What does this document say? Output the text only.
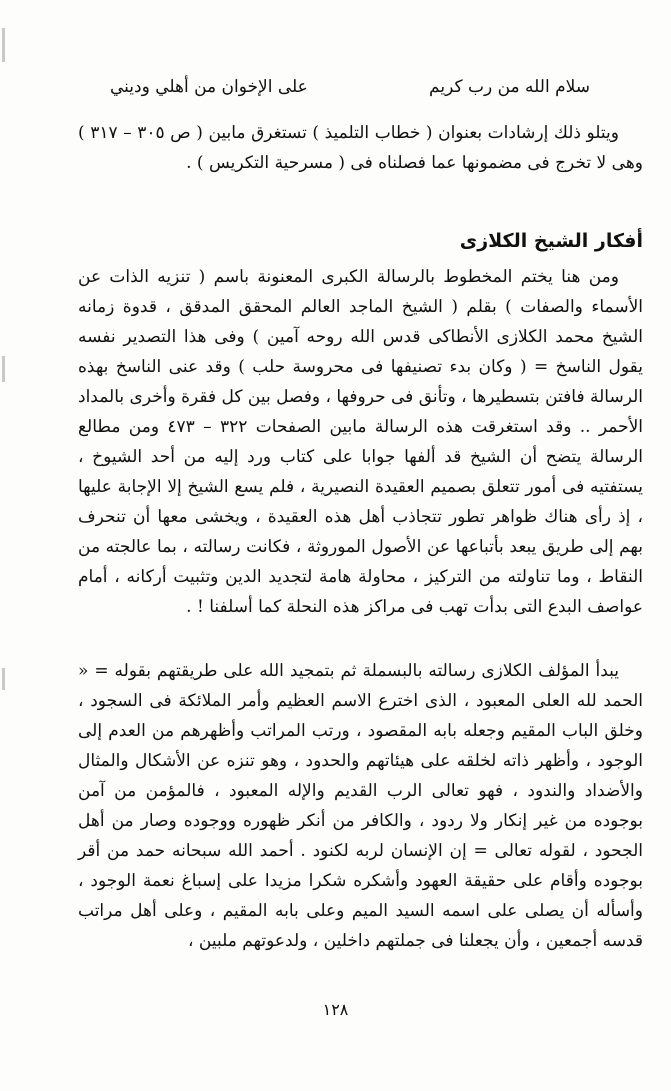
سلام الله من رب كريم
على الإخوان من أهلي وديني

ويتلو ذلك إرشادات بعنوان ( خطاب التلميذ ) تستغرق مابين ( ص ٣٠٥ – ٣١٧ ) وهى لا تخرج فى مضمونها عما فصلناه فى ( مسرحية التكريس ) .

أفكار الشيخ الكلازى

ومن هنا يختم المخطوط بالرسالة الكبرى المعنونة باسم ( تنزيه الذات عن الأسماء والصفات ) بقلم ( الشيخ الماجد العالم المحقق المدقق ، قدوة زمانه الشيخ محمد الكلازى الأنطاكى قدس الله روحه آمين ) وفى هذا التصدير نفسه يقول الناسخ = ( وكان بدء تصنيفها فى محروسة حلب ) وقد عنى الناسخ بهذه الرسالة فافتن بتسطيرها ، وتأنق فى حروفها ، وفصل بين كل فقرة وأخرى بالمداد الأحمر .. وقد استغرقت هذه الرسالة مابين الصفحات ٣٢٢ – ٤٧٣ ومن مطالع الرسالة يتضح أن الشيخ قد ألفها جوابا على كتاب ورد إليه من أحد الشيوخ ، يستفتيه فى أمور تتعلق بصميم العقيدة النصيرية ، فلم يسع الشيخ إلا الإجابة عليها ، إذ رأى هناك ظواهر تطور تتجاذب أهل هذه العقيدة ، ويخشى معها أن تنحرف بهم إلى طريق يبعد بأتباعها عن الأصول الموروثة ، فكانت رسالته ، بما عالجته من النقاط ، وما تناولته من التركيز ، محاولة هامة لتجديد الدين وتثبيت أركانه ، أمام عواصف البدع التى بدأت تهب فى مراكز هذه النحلة كما أسلفنا ! .

يبدأ المؤلف الكلازى رسالته بالبسملة ثم بتمجيد الله على طريقتهم بقوله = « الحمد لله العلى المعبود ، الذى اخترع الاسم العظيم وأمر الملائكة فى السجود ، وخلق الباب المقيم وجعله بابه المقصود ، ورتب المراتب وأظهرهم من العدم إلى الوجود ، وأظهر ذاته لخلقه على هيئاتهم والحدود ، وهو تنزه عن الأشكال والمثال والأضداد والندود ، فهو تعالى الرب القديم والإله المعبود ، فالمؤمن من آمن بوجوده من غير إنكار ولا ردود ، والكافر من أنكر ظهوره ووجوده وصار من أهل الجحود ، لقوله تعالى = إن الإنسان لربه لكنود . أحمد الله سبحانه حمد من أقر بوجوده وأقام على حقيقة العهود وأشكره شكرا مزيدا على إسباغ نعمة الوجود ، وأسأله أن يصلى على اسمه السيد الميم وعلى بابه المقيم ، وعلى أهل مراتب قدسه أجمعين ، وأن يجعلنا فى جملتهم داخلين ، ولدعوتهم ملبين ،

١٢٨
